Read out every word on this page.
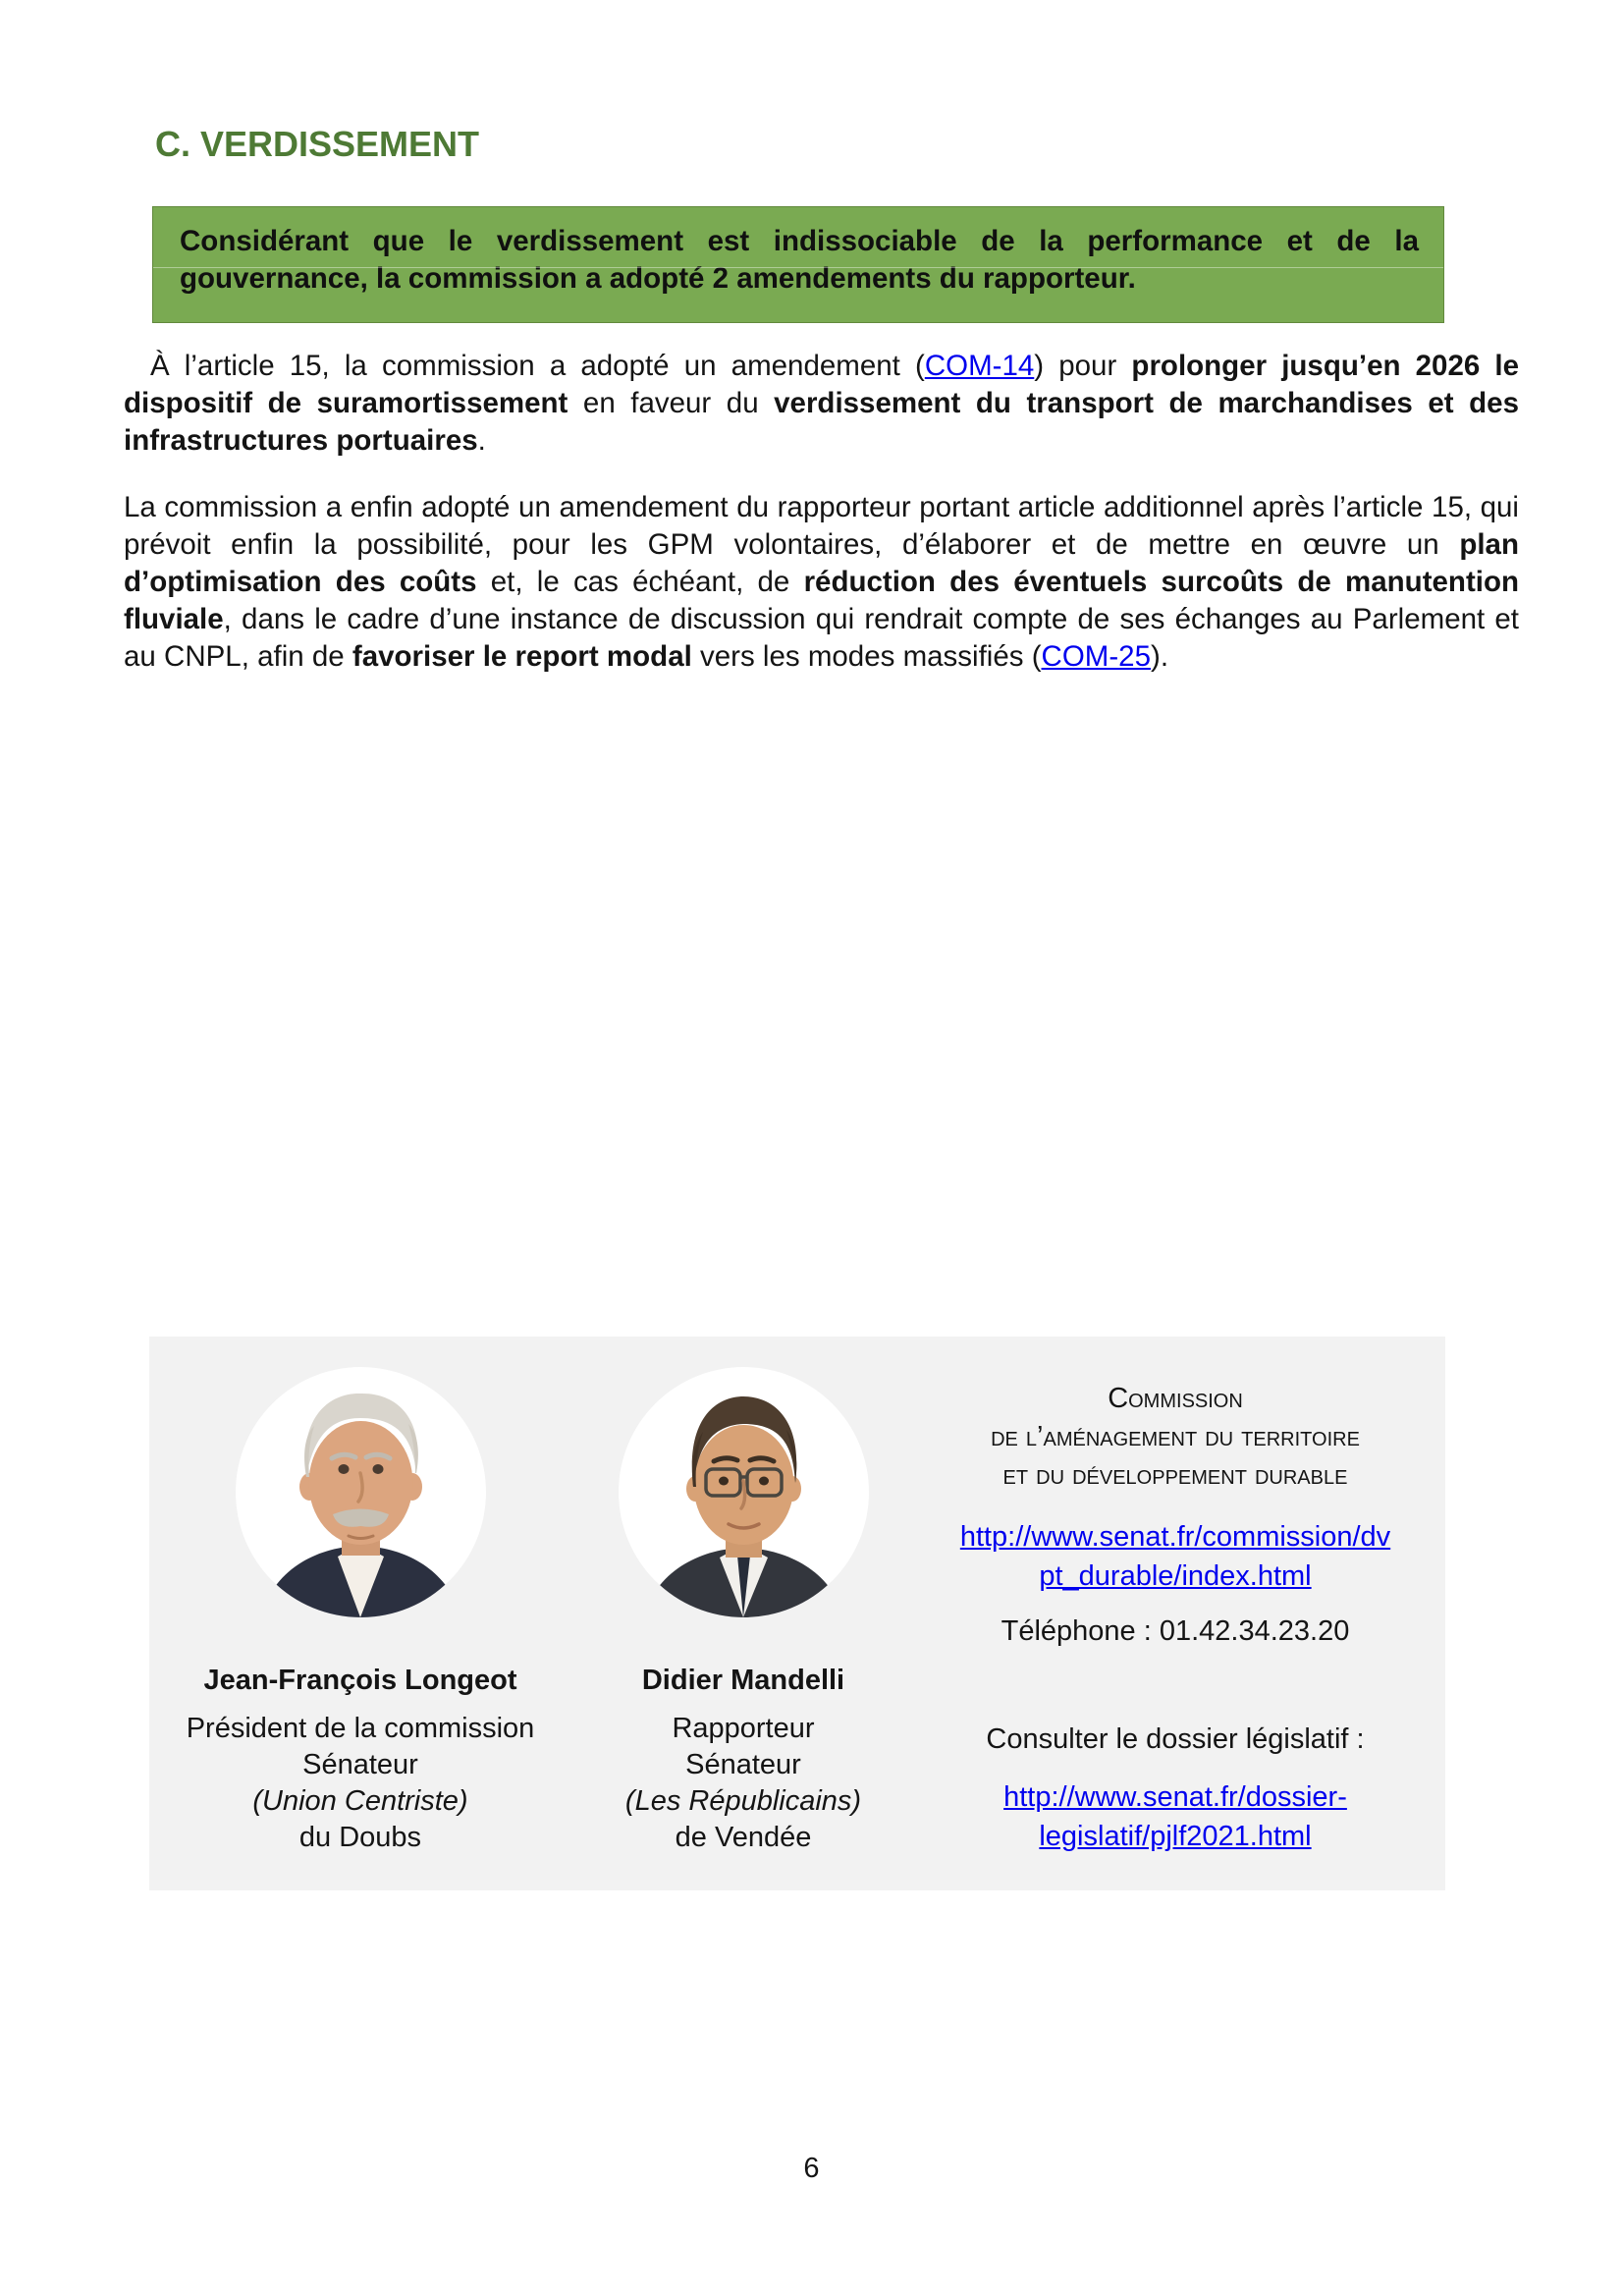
C. VERDISSEMENT

Considérant que le verdissement est indissociable de la performance et de la gouvernance, la commission a adopté 2 amendements du rapporteur.

À l’article 15, la commission a adopté un amendement (COM-14) pour prolonger jusqu’en 2026 le dispositif de suramortissement en faveur du verdissement du transport de marchandises et des infrastructures portuaires.

La commission a enfin adopté un amendement du rapporteur portant article additionnel après l’article 15, qui prévoit enfin la possibilité, pour les GPM volontaires, d’élaborer et de mettre en œuvre un plan d’optimisation des coûts et, le cas échéant, de réduction des éventuels surcoûts de manutention fluviale, dans le cadre d’une instance de discussion qui rendrait compte de ses échanges au Parlement et au CNPL, afin de favoriser le report modal vers les modes massifiés (COM-25).

Jean-François Longeot
Président de la commission
Sénateur
(Union Centriste)
du Doubs
Didier Mandelli
Rapporteur
Sénateur
(Les Républicains)
de Vendée
Commission
de l’aménagement du territoire
et du développement durable
http://www.senat.fr/commission/dv
pt_durable/index.html
Téléphone : 01.42.34.23.20
Consulter le dossier législatif :
http://www.senat.fr/dossier-
legislatif/pjlf2021.html
6
